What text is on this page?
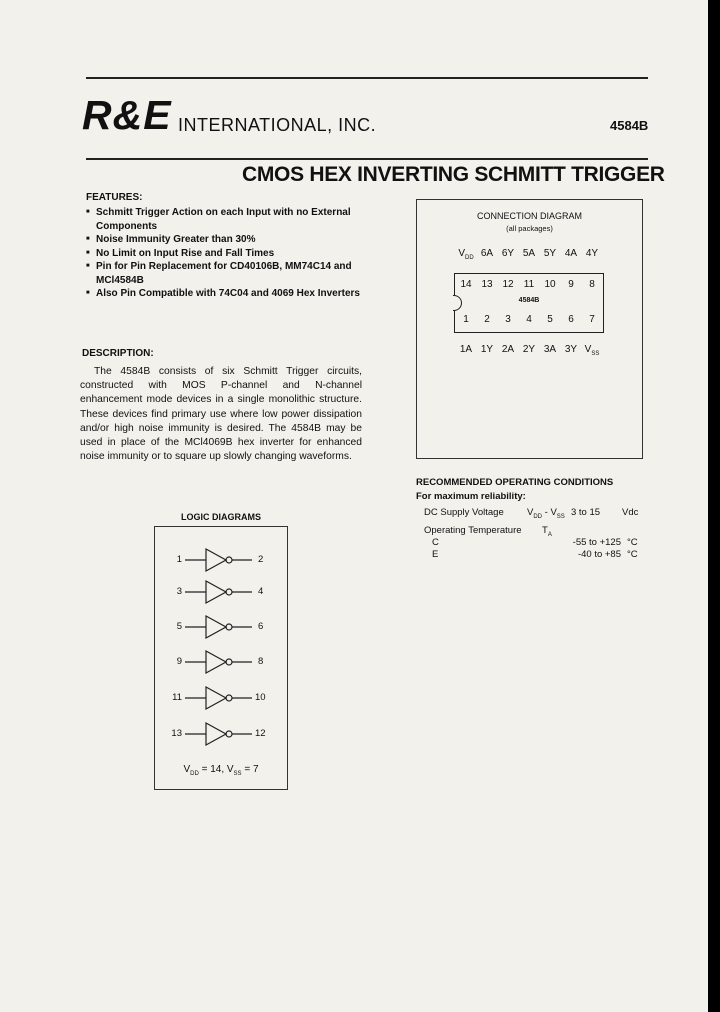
R&E INTERNATIONAL, INC.	4584B
CMOS HEX INVERTING SCHMITT TRIGGER
FEATURES:
■ Schmitt Trigger Action on each Input with no External Components
■ Noise Immunity Greater than 30%
■ No Limit on Input Rise and Fall Times
■ Pin for Pin Replacement for CD40106B, MM74C14 and MCl4584B
■ Also Pin Compatible with 74C04 and 4069 Hex Inverters
DESCRIPTION:

The 4584B consists of six Schmitt Trigger circuits, constructed with MOS P-channel and N-channel enhancement mode devices in a single monolithic structure. These devices find primary use where low power dissipation and/or high noise immunity is desired. The 4584B may be used in place of the MCl4069B hex inverter for enhanced noise immunity or to square up slowly changing waveforms.

CONNECTION DIAGRAM
(all packages)
$V_{DD}$ 6A 6Y 5A 5Y 4A 4Y
4584B
14 13 12	11	10	9	8
1	2	3	4	5	6	7
1A 1Y 2A 2Y 3A 3Y $V_{SS}$
RECOMMENDED OPERATING CONDITIONS
For maximum reliability:
DC Supply Voltage $V_{DD} - V_{SS}$ 3 to 15 Vdc
Operating Temperature $T_A$
C	-55 to +125 °C
E	-40 to +85 °C
LOGIC DIAGRAMS
1	2
3	4
5	6
9	8
11	10
13	12
$V_{DD} = 14$, $V_{SS} = 7$
